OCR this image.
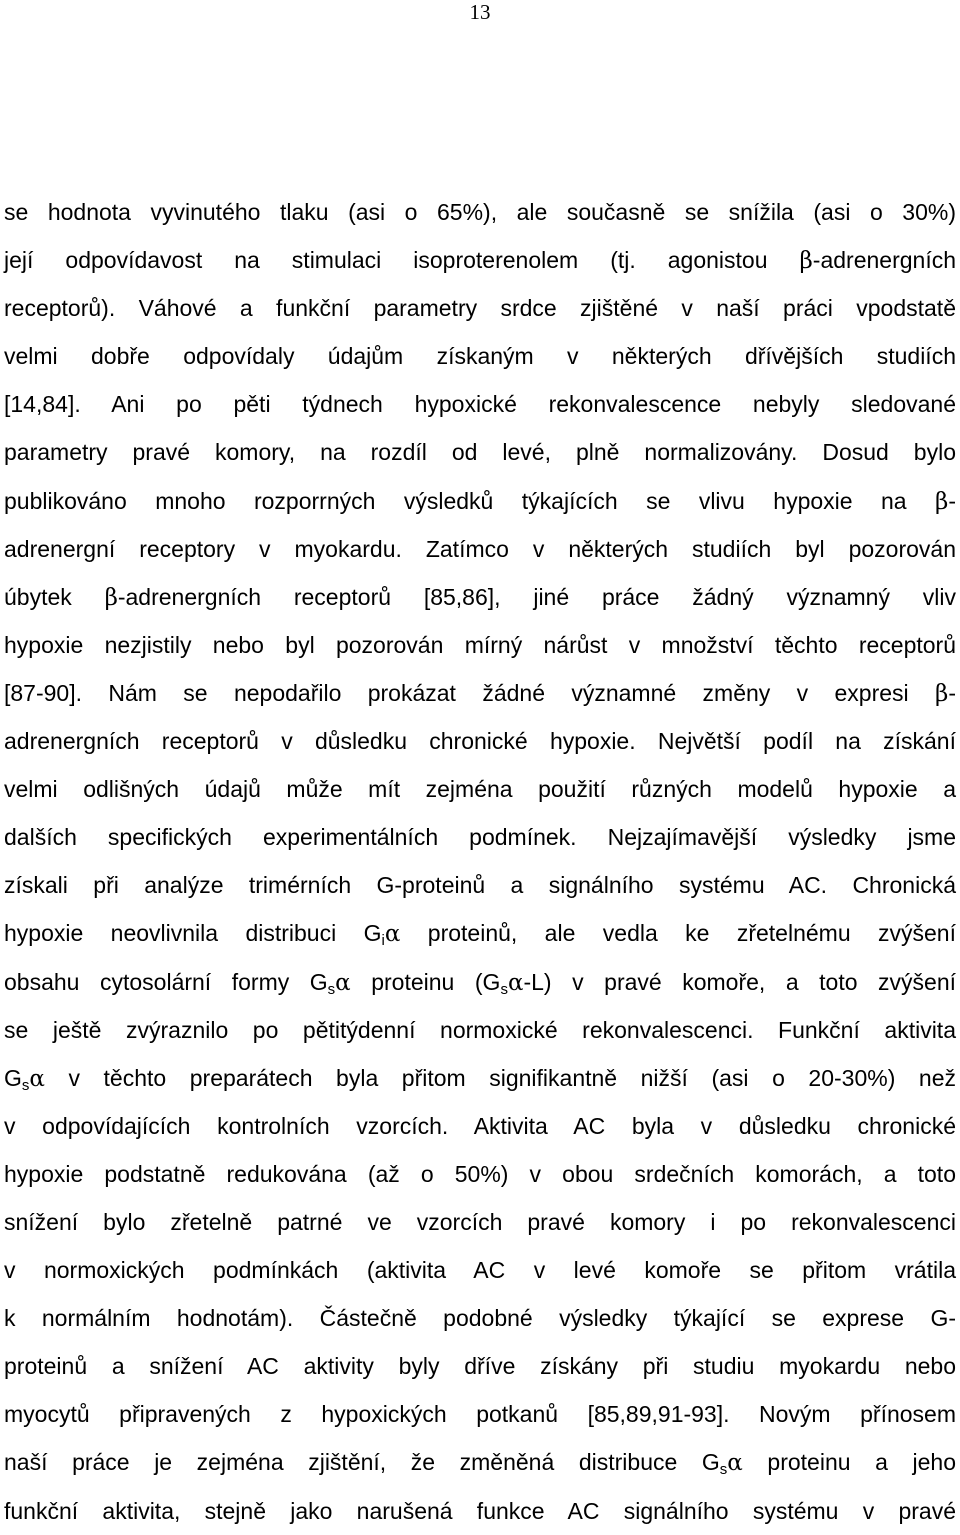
13
se hodnota vyvinutého tlaku (asi o 65%), ale současně se snížila (asi o 30%)
její odpovídavost na stimulaci isoproterenolem (tj. agonistou β-adrenergních
receptorů). Váhové a funkční parametry srdce zjištěné v naší práci vpodstatě
velmi dobře odpovídaly údajům získaným v některých dřívějších studiích
[14,84]. Ani po pěti týdnech hypoxické rekonvalescence nebyly sledované
parametry pravé komory, na rozdíl od levé, plně normalizovány. Dosud bylo
publikováno mnoho rozporrných výsledků týkajících se vlivu hypoxie na β-
adrenergní receptory v myokardu. Zatímco v některých studiích byl pozorován
úbytek β-adrenergních receptorů [85,86], jiné práce žádný významný vliv
hypoxie nezjistily nebo byl pozorován mírný nárůst v množství těchto receptorů
[87-90]. Nám se nepodařilo prokázat žádné významné změny v expresi β-
adrenergních receptorů v důsledku chronické hypoxie. Největší podíl na získání
velmi odlišných údajů může mít zejména použití různých modelů hypoxie a
dalších specifických experimentálních podmínek. Nejzajímavější výsledky jsme
získali při analýze trimérních G-proteinů a signálního systému AC. Chronická
hypoxie neovlivnila distribuci $G_i\alpha$ proteinů, ale vedla ke zřetelnému zvýšení
obsahu cytosolární formy $G_s\alpha$ proteinu $(G_s\alpha-L)$ v pravé komoře, a toto zvýšení
se ještě zvýraznilo po pětitýdenní normoxické rekonvalescenci. Funkční aktivita
$G_s\alpha$ v těchto preparátech byla přitom signifikantně nižší (asi o 20-30%) než
v odpovídajících kontrolních vzorcích. Aktivita AC byla v důsledku chronické
hypoxie podstatně redukována (až o 50%) v obou srdečních komorách, a toto
snížení bylo zřetelně patrné ve vzorcích pravé komory i po rekonvalescenci
v normoxických podmínkách (aktivita AC v levé komoře se přitom vrátila
k normálním hodnotám). Částečně podobné výsledky týkající se exprese G-
proteinů a snížení AC aktivity byly dříve získány při studiu myokardu nebo
myocytů připravených z hypoxických potkanů [85,89,91-93]. Novým přínosem
naší práce je zejména zjištění, že změněná distribuce $G_s\alpha$ proteinu a jeho
funkční aktivita, stejně jako narušená funkce AC signálního systému v pravé
